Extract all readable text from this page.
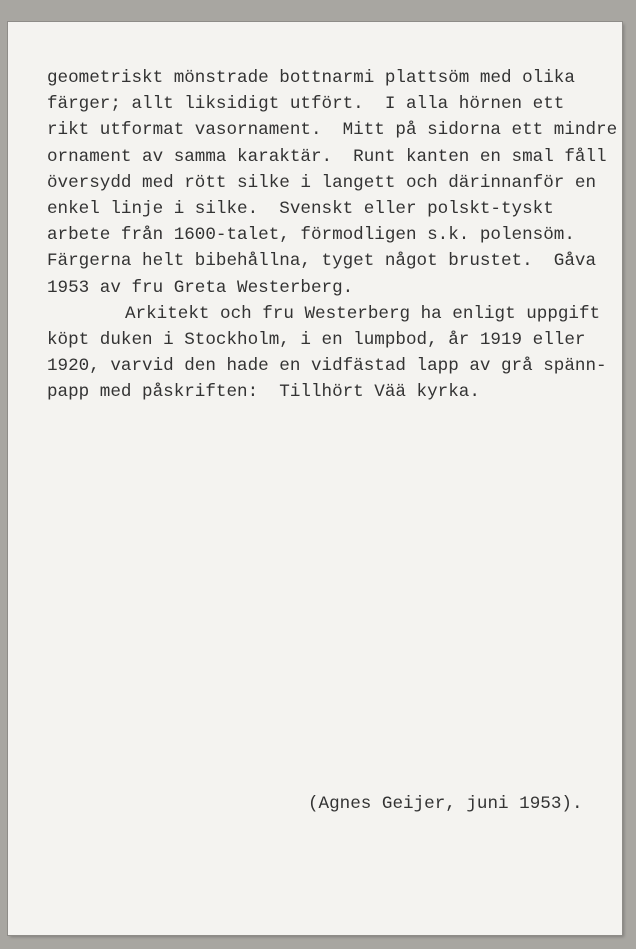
geometriskt mönstrade bottnarmi plattsöm med olika
färger; allt liksidigt utfört.  I alla hörnen ett
rikt utformat vasornament.  Mitt på sidorna ett mindre
ornament av samma karaktär.  Runt kanten en smal fåll
översydd med rött silke i langett och därinnanför en
enkel linje i silke.  Svenskt eller polskt-tyskt
arbete från 1600-talet, förmodligen s.k. polensöm.
Färgerna helt bibehållna, tyget något brustet.  Gåva
1953 av fru Greta Westerberg.
Arkitekt och fru Westerberg ha enligt uppgift
köpt duken i Stockholm, i en lumpbod, år 1919 eller
1920, varvid den hade en vidfästad lapp av grå spänn-
papp med påskriften:  Tillhört Vää kyrka.
(Agnes Geijer, juni 1953).
